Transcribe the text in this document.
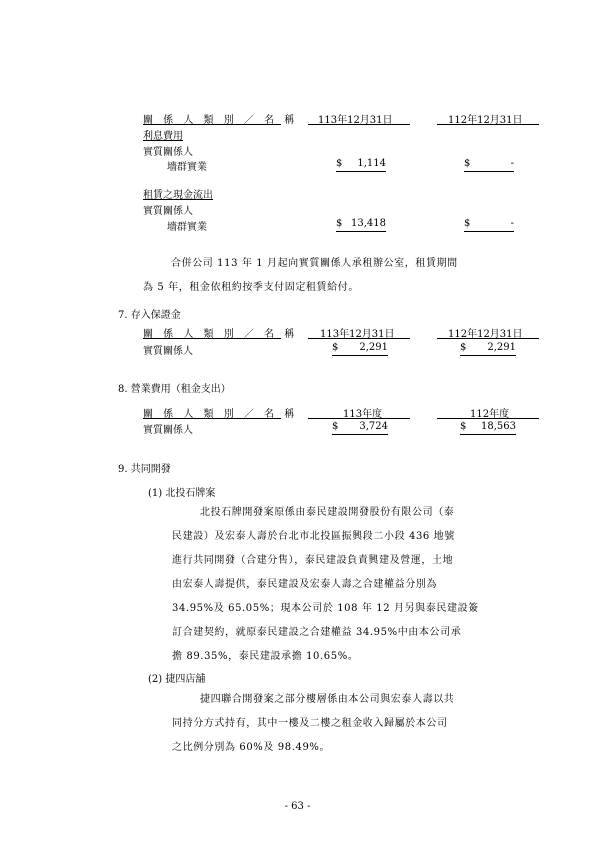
關 係 人 類 別 ／ 名 稱 113年12月31日	112年12月31日
利息費用
實質關係人
墻群實業	$ 1,114	$	-
租賃之現金流出
實質關係人
墻群實業	$ 13,418	$	-
合併公司 113 年 1 月起向實質關係人承租辦公室，租賃期間
為 5 年，租金依租約按季支付固定租賃給付。
7. 存入保證金
關 係 人 類 別 ／ 名 稱 113年12月31日	112年12月31日
實質關係人	$ 2,291	$ 2,291
8. 營業費用（租金支出）
關 係 人 類 別 ／ 名 稱	113年度	112年度
實質關係人	$ 3,724	$ 18,563
9. 共同開發
(1) 北投石牌案
北投石牌開發案原係由泰民建設開發股份有限公司（泰
民建設）及宏泰人壽於台北市北投區振興段二小段 436 地號
進行共同開發（合建分售），泰民建設負責興建及營運，土地
由宏泰人壽提供，泰民建設及宏泰人壽之合建權益分別為
34.95%及 65.05%；現本公司於 108 年 12 月另與泰民建設簽
訂合建契約，就原泰民建設之合建權益 34.95%中由本公司承
擔 89.35%，泰民建設承擔 10.65%。
(2) 捷四店舖
捷四聯合開發案之部分樓層係由本公司與宏泰人壽以共
同持分方式持有，其中一樓及二樓之租金收入歸屬於本公司
之比例分別為 60%及 98.49%。
- 63 -
